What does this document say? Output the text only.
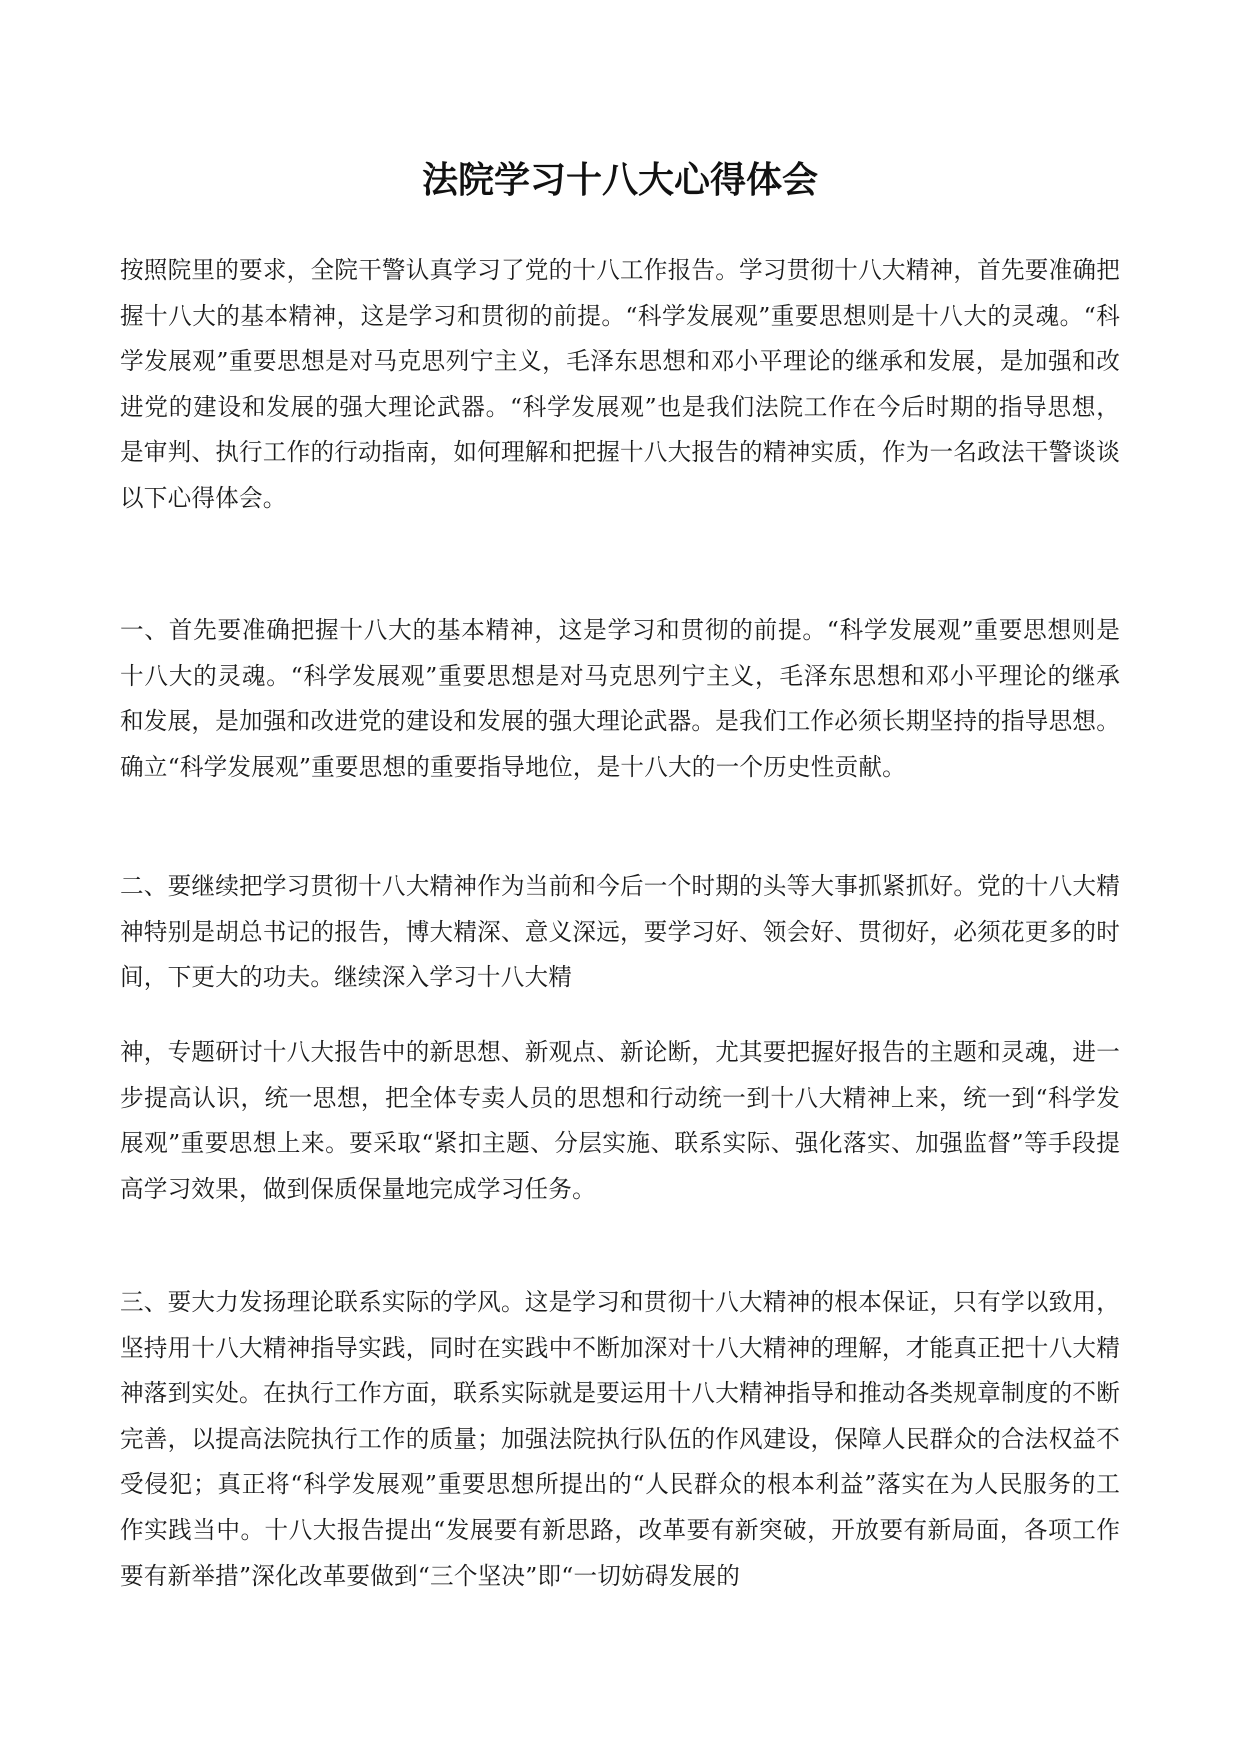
法院学习十八大心得体会

按照院里的要求，全院干警认真学习了党的十八工作报告。学习贯彻十八大精神，首先要准确把握十八大的基本精神，这是学习和贯彻的前提。“科学发展观”重要思想则是十八大的灵魂。“科学发展观”重要思想是对马克思列宁主义，毛泽东思想和邓小平理论的继承和发展，是加强和改进党的建设和发展的强大理论武器。“科学发展观”也是我们法院工作在今后时期的指导思想，是审判、执行工作的行动指南，如何理解和把握十八大报告的精神实质，作为一名政法干警谈谈以下心得体会。

一、首先要准确把握十八大的基本精神，这是学习和贯彻的前提。“科学发展观”重要思想则是十八大的灵魂。“科学发展观”重要思想是对马克思列宁主义，毛泽东思想和邓小平理论的继承和发展，是加强和改进党的建设和发展的强大理论武器。是我们工作必须长期坚持的指导思想。确立“科学发展观”重要思想的重要指导地位，是十八大的一个历史性贡献。

二、要继续把学习贯彻十八大精神作为当前和今后一个时期的头等大事抓紧抓好。党的十八大精神特别是胡总书记的报告，博大精深、意义深远，要学习好、领会好、贯彻好，必须花更多的时间，下更大的功夫。继续深入学习十八大精

神，专题研讨十八大报告中的新思想、新观点、新论断，尤其要把握好报告的主题和灵魂，进一步提高认识，统一思想，把全体专卖人员的思想和行动统一到十八大精神上来，统一到“科学发展观”重要思想上来。要采取“紧扣主题、分层实施、联系实际、强化落实、加强监督”等手段提高学习效果，做到保质保量地完成学习任务。

三、要大力发扬理论联系实际的学风。这是学习和贯彻十八大精神的根本保证，只有学以致用，坚持用十八大精神指导实践，同时在实践中不断加深对十八大精神的理解，才能真正把十八大精神落到实处。在执行工作方面，联系实际就是要运用十八大精神指导和推动各类规章制度的不断完善，以提高法院执行工作的质量；加强法院执行队伍的作风建设，保障人民群众的合法权益不受侵犯；真正将“科学发展观”重要思想所提出的“人民群众的根本利益”落实在为人民服务的工作实践当中。十八大报告提出“发展要有新思路，改革要有新突破，开放要有新局面，各项工作要有新举措”深化改革要做到“三个坚决”即“一切妨碍发展的
